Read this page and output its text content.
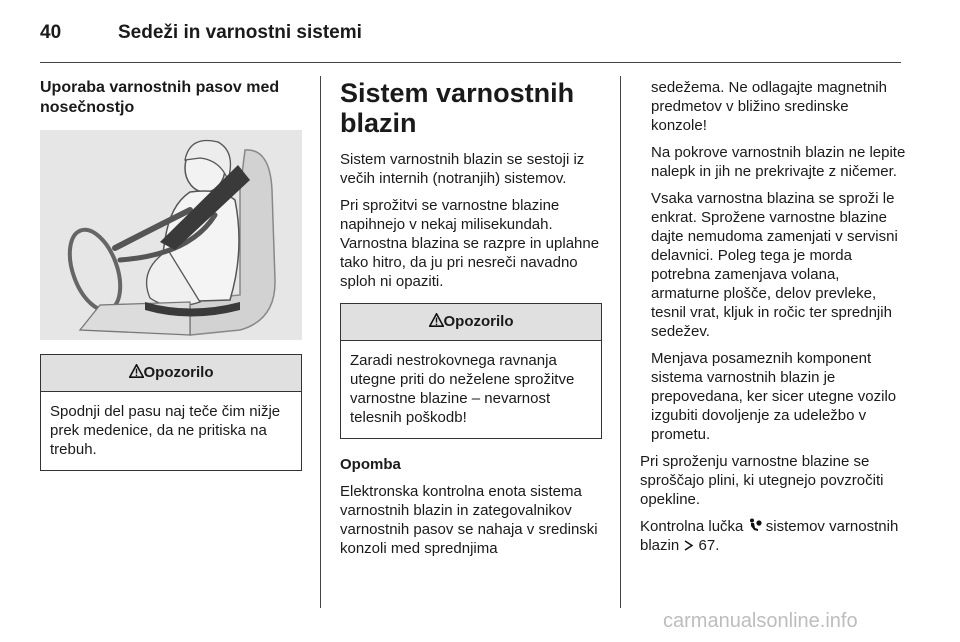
40	Sedeži in varnostni sistemi
Uporaba varnostnih pasov med nosečnostjo
Opozorilo
Spodnji del pasu naj teče čim nižje prek medenice, da ne pritiska na trebuh.
Sistem varnostnih blazin

Sistem varnostnih blazin se sestoji iz večih internih (notranjih) sistemov.

Pri sprožitvi se varnostne blazine napihnejo v nekaj milisekundah. Varnostna blazina se razpre in uplahne tako hitro, da ju pri nesreči navadno sploh ni opaziti.

Opozorilo
Zaradi nestrokovnega ravnanja utegne priti do neželene sprožitve varnostne blazine – nevarnost telesnih poškodb!

Opomba

Elektronska kontrolna enota sistema varnostnih blazin in zategovalnikov varnostnih pasov se nahaja v sredinski konzoli med sprednjima

sedežema. Ne odlagajte magnetnih predmetov v bližino sredinske konzole!

Na pokrove varnostnih blazin ne lepite nalepk in jih ne prekrivajte z ničemer.

Vsaka varnostna blazina se sproži le enkrat. Sprožene varnostne blazine dajte nemudoma zamenjati v servisni delavnici. Poleg tega je morda potrebna zamenjava volana, armaturne plošče, delov prevleke, tesnil vrat, kljuk in ročic ter sprednjih sedežev.

Menjava posameznih komponent sistema varnostnih blazin je prepovedana, ker sicer utegne vozilo izgubiti dovoljenje za udeležbo v prometu.

Pri sproženju varnostne blazine se sproščajo plini, ki utegnejo povzročiti opekline.

Kontrolna lučka sistemov varnostnih blazin 67.

carmanualsonline.info
